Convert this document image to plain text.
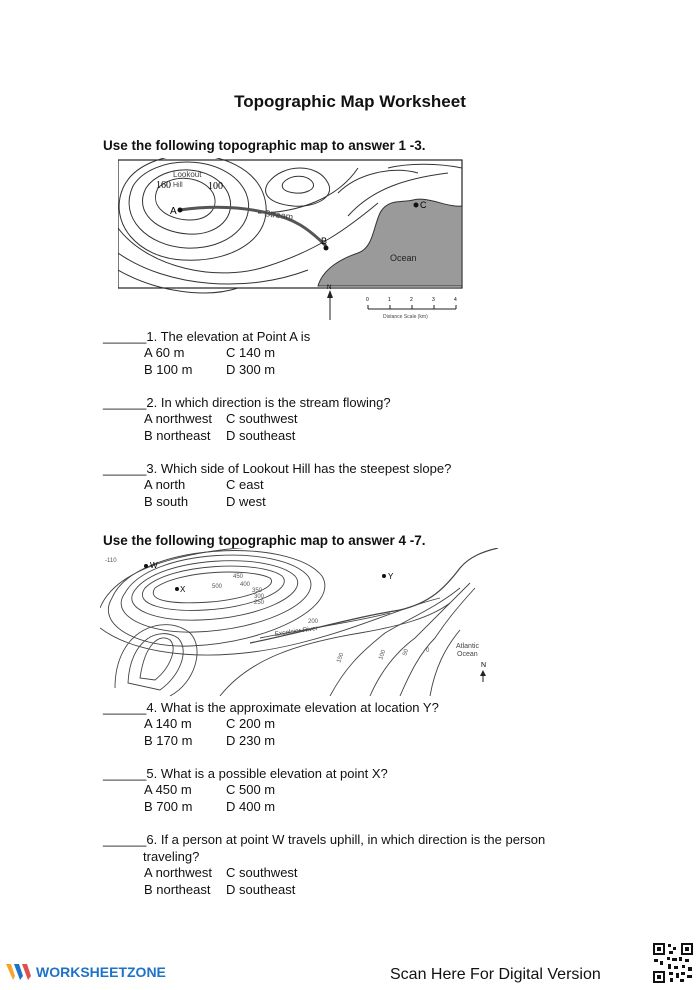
Topographic Map Worksheet
Use the following topographic map to answer 1 -3.
160 Hill
Lookout
100
A	Stream
B
C
Ocean
N
0	1	2	3	4
Distance Scale (km)
______1. The elevation at Point A is
A 60 m	C 140 m
B 100 m	D 300 m
______2. In which direction is the stream flowing?
A northwest C southwest
B northeast D southeast
______3. Which side of Lookout Hill has the steepest slope?
A north	C east
B south	D west
Use the following topographic map to answer 4 -7.
W
X
Y
500
450
400
350
300
250
200
150	100 50	0
-110
Excelsior River
Atlantic
Ocean
N
______4. What is the approximate elevation at location Y?
A 140 m	C 200 m
B 170 m	D 230 m
______5. What is a possible elevation at point X?
A 450 m	C 500 m
B 700 m	D 400 m
______6. If a person at point W travels uphill, in which direction is the person
traveling?
A northwest C southwest
B northeast D southeast
WORKSHEETZONE	Scan Here For Digital Version
